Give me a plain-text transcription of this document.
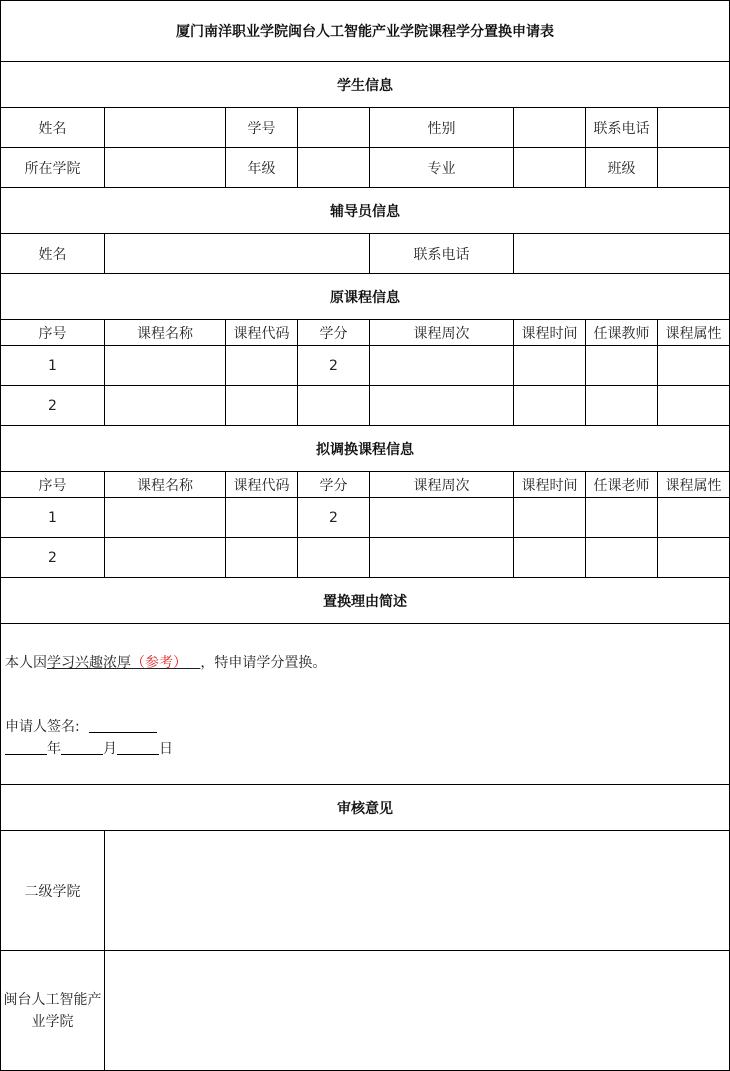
厦门南洋职业学院闽台人工智能产业学院课程学分置换申请表							
学生信息							
姓名		学号		性别		联系电话	
所在学院		年级		专业		班级	
辅导员信息							
姓名				联系电话			
原课程信息							
序号	课程名称	课程代码	学分	课程周次	课程时间	任课教师	课程属性
1			2				
2							
拟调换课程信息							
序号	课程名称	课程代码	学分	课程周次	课程时间	任课老师	课程属性
1			2				
2							
置换理由简述							

本人因学习兴趣浓厚（参考） ，特申请学分置换。
申请人签名:
年 月 日							

审核意见							
二级学院							
闽台人工智能产业学院							
